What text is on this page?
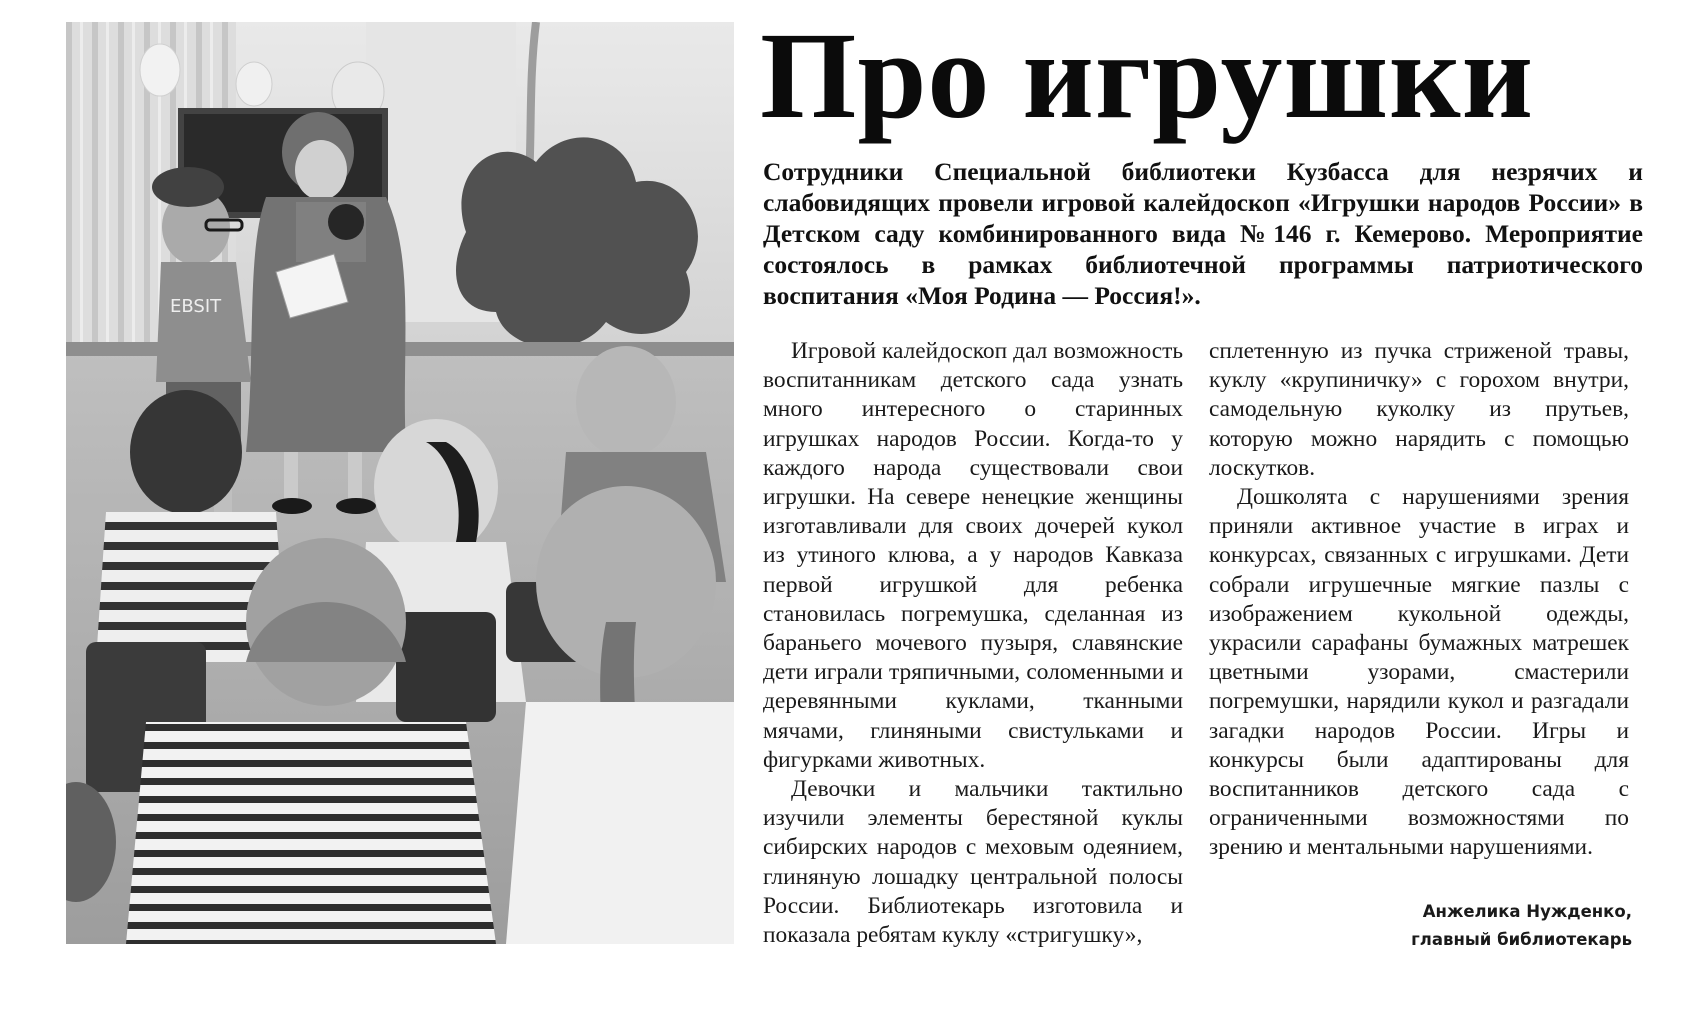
EBSIT
Про игрушки

Сотрудники Специальной библиотеки Кузбасса для незрячих и слабовидящих провели игровой калейдоскоп «Игрушки народов России» в Детском саду комбинированного вида №146 г. Кемерово. Мероприятие состоялось в рамках библиотечной программы патриотического воспитания «Моя Родина — Россия!».

Игровой калейдоскоп дал возможность воспитанникам детского сада узнать много интересного о старинных игрушках народов России. Когда-то у каждого народа существовали свои игрушки. На севере ненецкие женщины изготавливали для своих дочерей кукол из утиного клюва, а у народов Кавказа первой игрушкой для ребенка становилась погремушка, сделанная из бараньего мочевого пузыря, славянские дети играли тряпичными, соломенными и деревянными куклами, тканными мячами, глиняными свистульками и фигурками животных.

Девочки и мальчики тактильно изучили элементы берестяной куклы сибирских народов с меховым одеянием, глиняную лошадку центральной полосы России. Библиотекарь изготовила и показала ребятам куклу «стригушку»,

сплетенную из пучка стриженой травы, куклу «крупиничку» с горохом внутри, самодельную куколку из прутьев, которую можно нарядить с помощью лоскутков.

Дошколята с нарушениями зрения приняли активное участие в играх и конкурсах, связанных с игрушками. Дети собрали игрушечные мягкие пазлы с изображением кукольной одежды, украсили сарафаны бумажных матрешек цветными узорами, смастерили погремушки, нарядили кукол и разгадали загадки народов России. Игры и конкурсы были адаптированы для воспитанников детского сада с ограниченными возможностями по зрению и ментальными нарушениями.

Анжелика Нужденко,
главный библиотекарь
